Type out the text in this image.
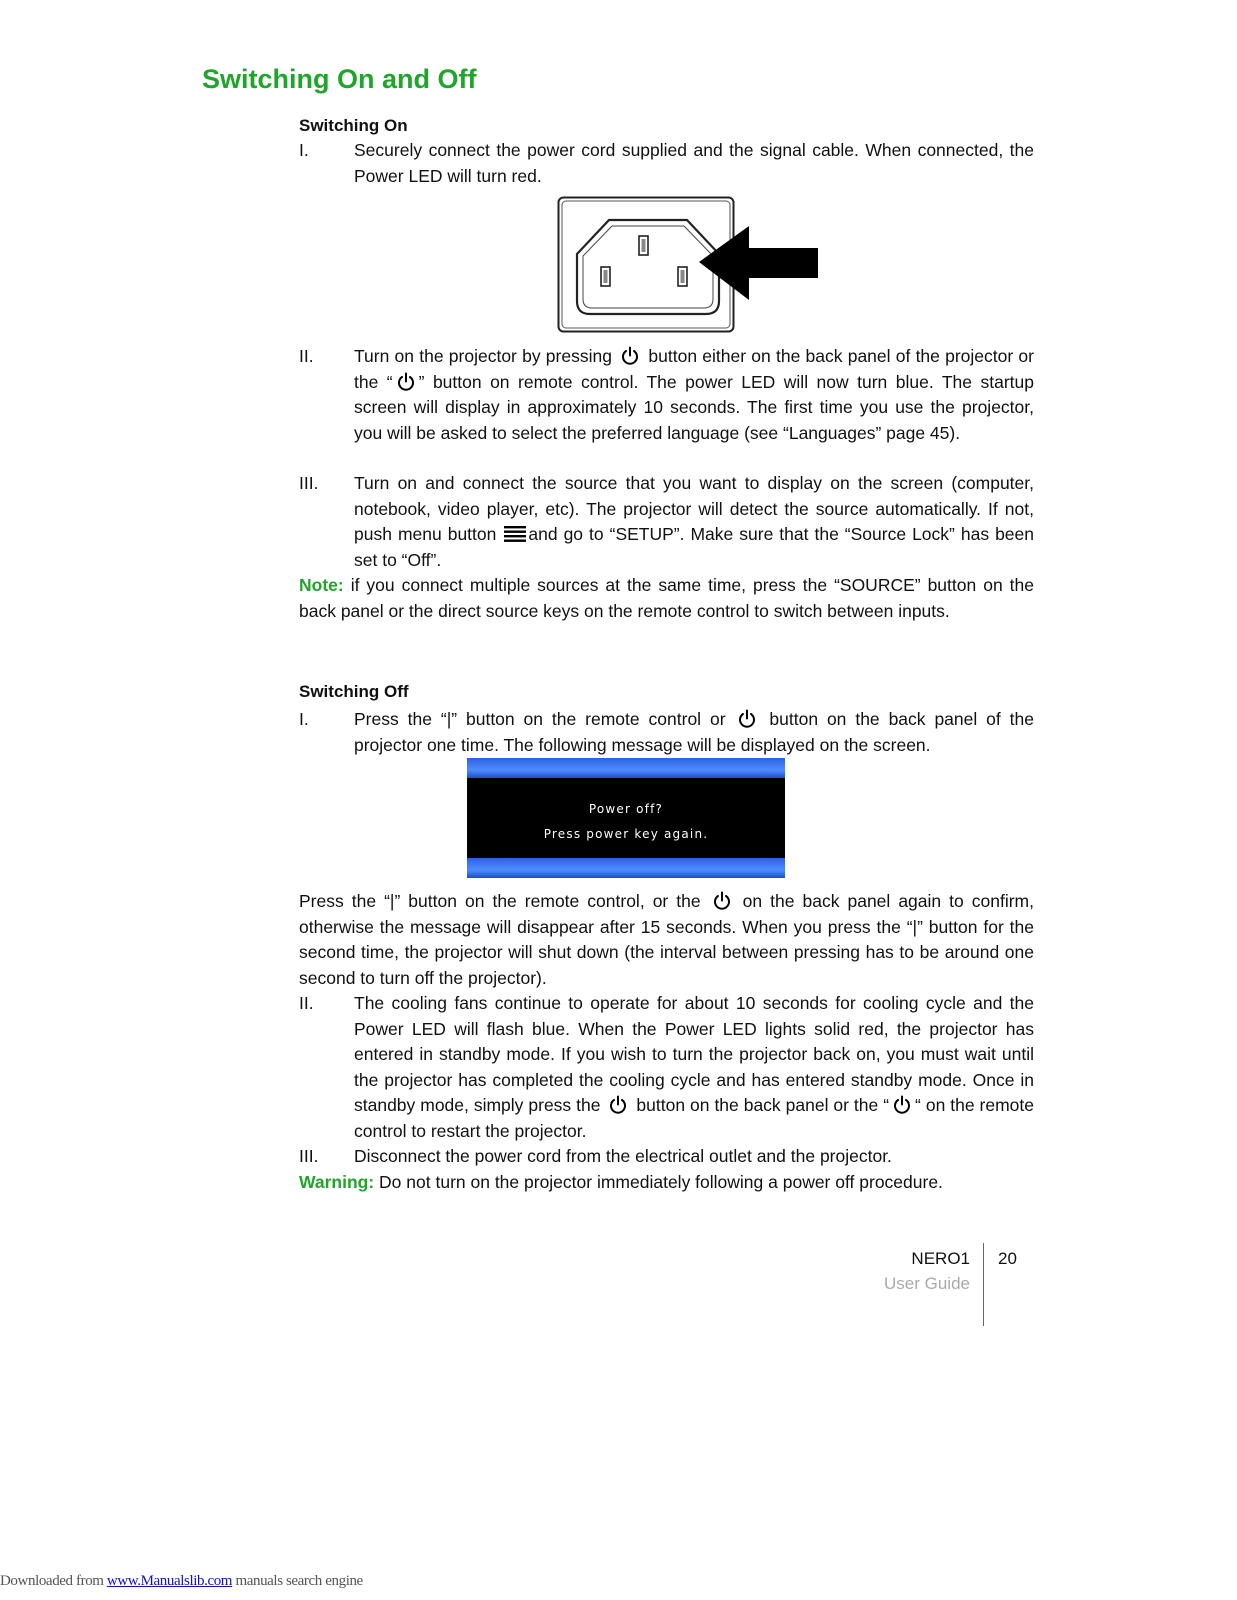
Switching On and Off
Switching On
I.	Securely connect the power cord supplied and the signal cable. When connected, the Power LED will turn red.
II.	Turn on the projector by pressing button either on the back panel of the projector or the “ ” button on remote control. The power LED will now turn blue. The startup screen will display in approximately 10 seconds. The first time you use the projector, you will be asked to select the preferred language (see “Languages” page 45).
III.	Turn on and connect the source that you want to display on the screen (computer, notebook, video player, etc). The projector will detect the source automatically. If not, push menu button and go to “SETUP”. Make sure that the “Source Lock” has been set to “Off”.
Note: if you connect multiple sources at the same time, press the “SOURCE” button on the back panel or the direct source keys on the remote control to switch between inputs.
Switching Off
I.	Press the “|” button on the remote control or	button on the back panel of the projector one time. The following message will be displayed on the screen.
Power off?
Press power key again.
Press the “|” button on the remote control, or the on the back panel again to confirm, otherwise the message will disappear after 15 seconds. When you press the “|” button for the second time, the projector will shut down (the interval between pressing has to be around one second to turn off the projector).
II.	The cooling fans continue to operate for about 10 seconds for cooling cycle and the Power LED will flash blue. When the Power LED lights solid red, the projector has entered in standby mode. If you wish to turn the projector back on, you must wait until the projector has completed the cooling cycle and has entered standby mode. Once in standby mode, simply press the button on the back panel or the “ “ on the remote control to restart the projector.
III.	Disconnect the power cord from the electrical outlet and the projector.
Warning: Do not turn on the projector immediately following a power off procedure.
NERO1
User Guide
20
Downloaded from www.Manualslib.com manuals search engine
